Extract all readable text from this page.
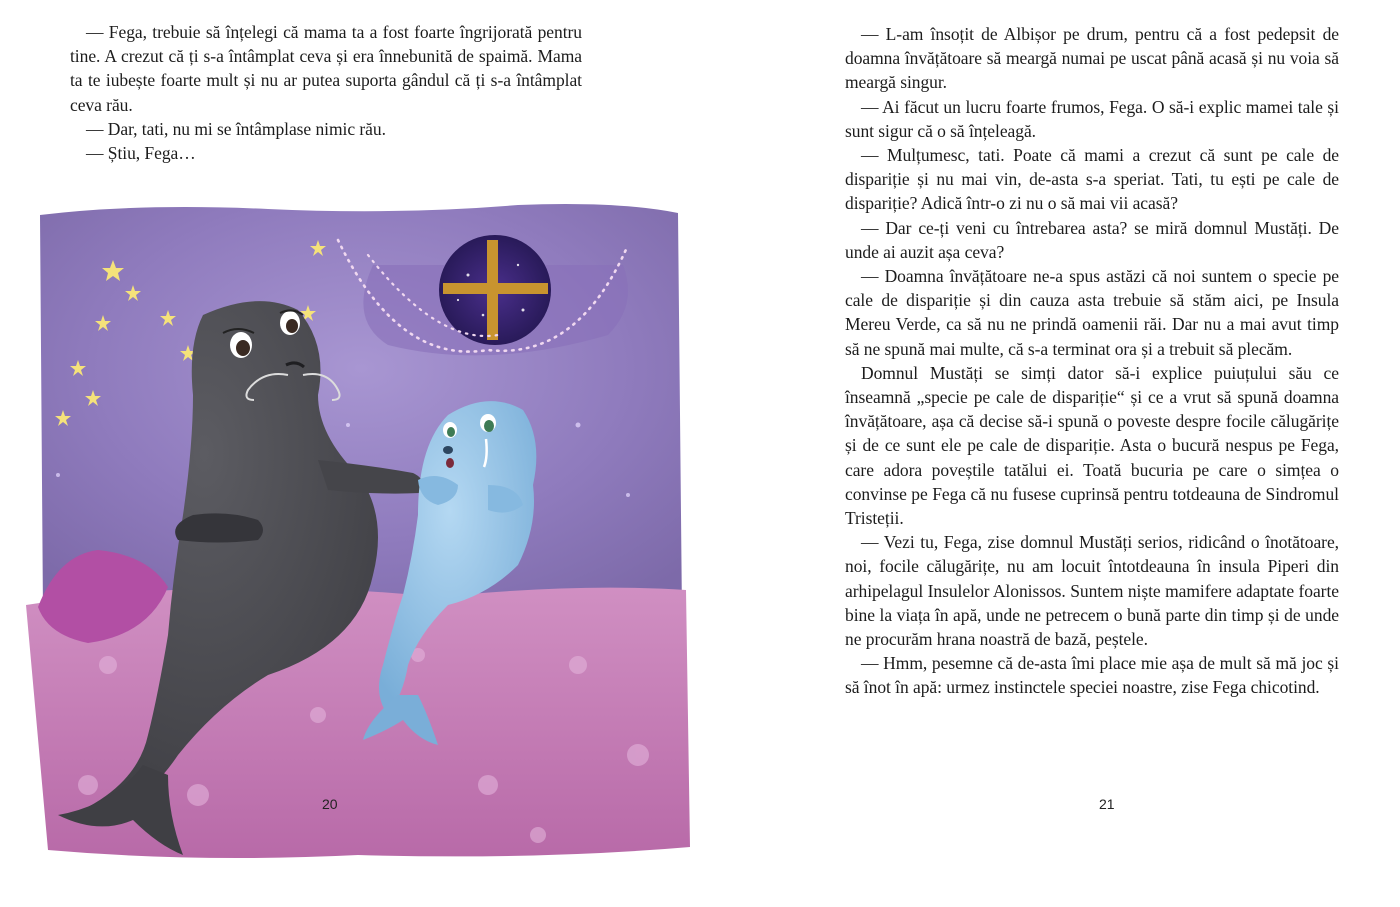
— Fega, trebuie să înțelegi că mama ta a fost foarte îngrijorată pentru tine. A crezut că ți s-a întâmplat ceva și era înnebunită de spaimă. Mama ta te iubește foarte mult și nu ar putea suporta gândul că ți s-a întâmplat ceva rău.

— Dar, tati, nu mi se întâmplase nimic rău.

— Știu, Fega…

20

— L-am însoțit de Albișor pe drum, pentru că a fost pedepsit de doamna învățătoare să meargă numai pe uscat până acasă și nu voia să meargă singur.

— Ai făcut un lucru foarte frumos, Fega. O să-i explic mamei tale și sunt sigur că o să înțeleagă.

— Mulțumesc, tati. Poate că mami a crezut că sunt pe cale de dispariție și nu mai vin, de-asta s-a speriat. Tati, tu ești pe cale de dispariție? Adică într-o zi nu o să mai vii acasă?

— Dar ce-ți veni cu întrebarea asta? se miră domnul Mustăți. De unde ai auzit așa ceva?

— Doamna învățătoare ne-a spus astăzi că noi suntem o specie pe cale de dispariție și din cauza asta trebuie să stăm aici, pe Insula Mereu Verde, ca să nu ne prindă oamenii răi. Dar nu a mai avut timp să ne spună mai multe, că s-a terminat ora și a trebuit să plecăm.

Domnul Mustăți se simți dator să-i explice puiuțului său ce înseamnă „specie pe cale de dispariție“ și ce a vrut să spună doamna învățătoare, așa că decise să-i spună o poveste despre focile călugărițe și de ce sunt ele pe cale de dispariție. Asta o bucură nespus pe Fega, care adora poveștile tatălui ei. Toată bucuria pe care o simțea o convinse pe Fega că nu fusese cuprinsă pentru totdeauna de Sindromul Tristeții.

— Vezi tu, Fega, zise domnul Mustăți serios, ridicând o înotătoare, noi, focile călugărițe, nu am locuit întotdeauna în insula Piperi din arhipelagul Insulelor Alonissos. Suntem niște mamifere adaptate foarte bine la viața în apă, unde ne petrecem o bună parte din timp și de unde ne procurăm hrana noastră de bază, peștele.

— Hmm, pesemne că de-asta îmi place mie așa de mult să mă joc și să înot în apă: urmez instinctele speciei noastre, zise Fega chicotind.

21
